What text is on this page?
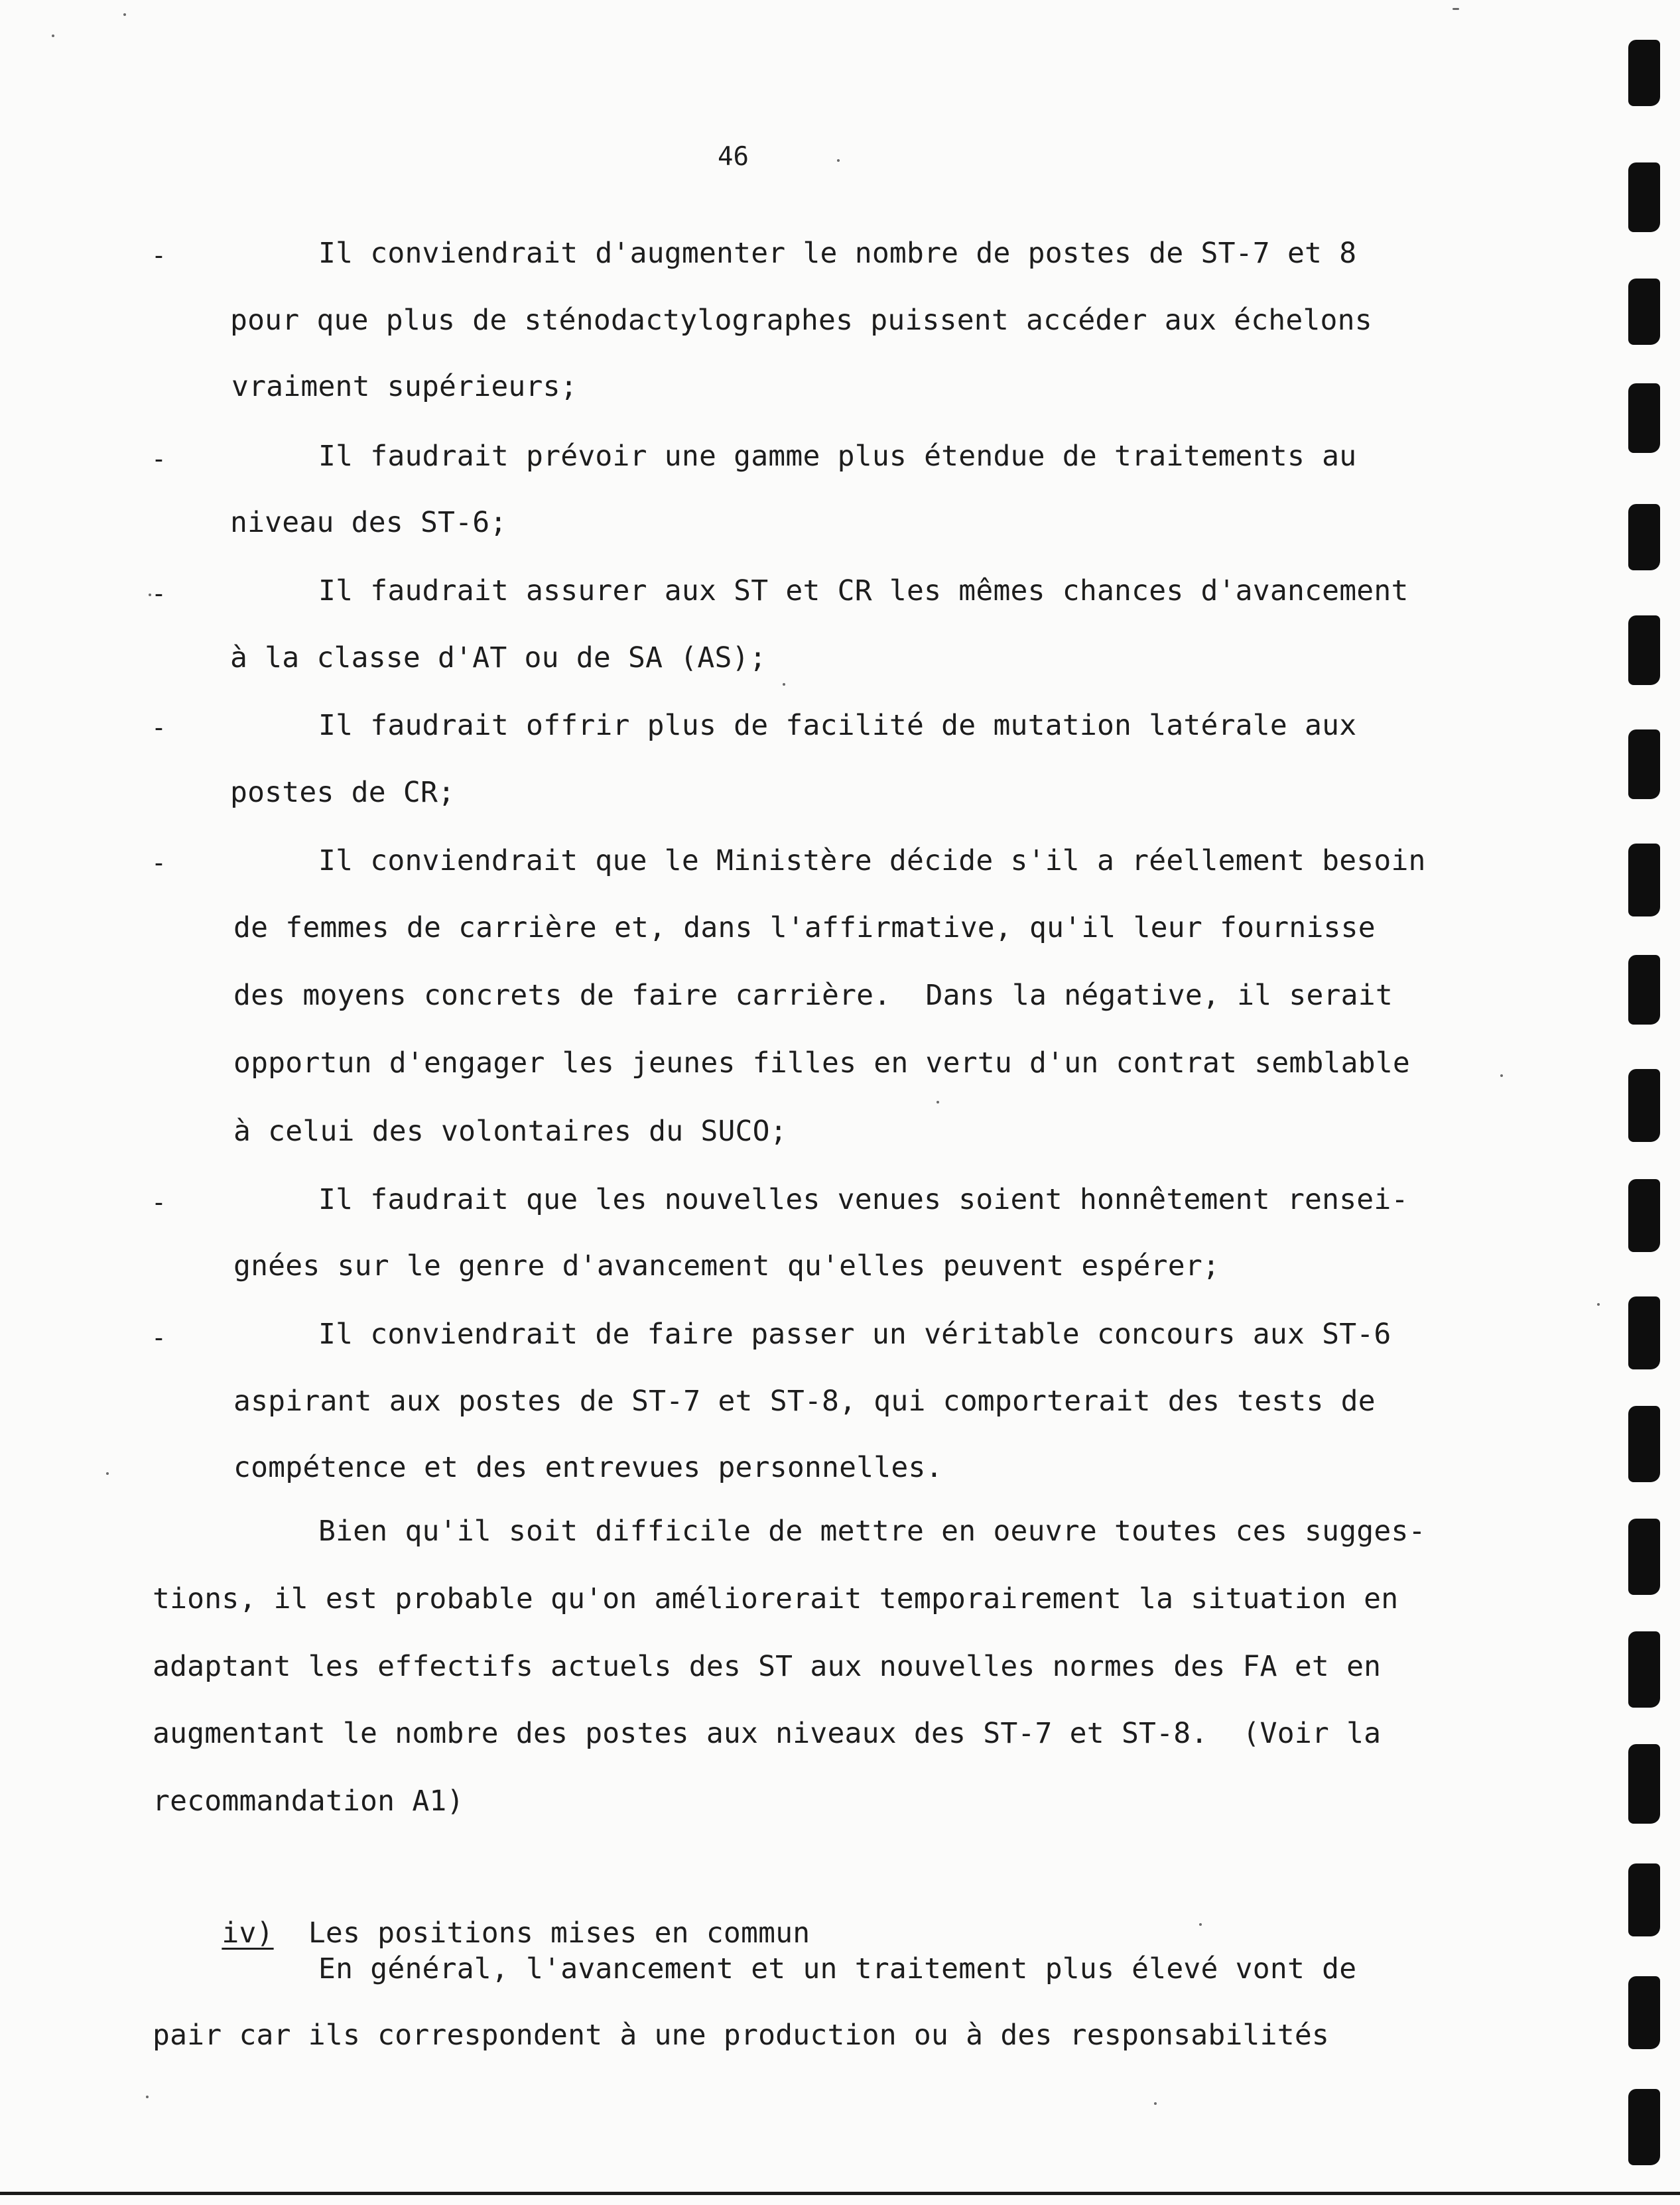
46
-	Il conviendrait d'augmenter le nombre de postes de ST-7 et 8
pour que plus de sténodactylographes puissent accéder aux échelons
vraiment supérieurs;
-	Il faudrait prévoir une gamme plus étendue de traitements au
niveau des ST-6;
-	Il faudrait assurer aux ST et CR les mêmes chances d'avancement
à la classe d'AT ou de SA (AS);
-	Il faudrait offrir plus de facilité de mutation latérale aux
postes de CR;
-	Il conviendrait que le Ministère décide s'il a réellement besoin
de femmes de carrière et, dans l'affirmative, qu'il leur fournisse
des moyens concrets de faire carrière.  Dans la négative, il serait
opportun d'engager les jeunes filles en vertu d'un contrat semblable
à celui des volontaires du SUCO;
-	Il faudrait que les nouvelles venues soient honnêtement rensei-
gnées sur le genre d'avancement qu'elles peuvent espérer;
-	Il conviendrait de faire passer un véritable concours aux ST-6
aspirant aux postes de ST-7 et ST-8, qui comporterait des tests de
compétence et des entrevues personnelles.
Bien qu'il soit difficile de mettre en oeuvre toutes ces sugges-
tions, il est probable qu'on améliorerait temporairement la situation en
adaptant les effectifs actuels des ST aux nouvelles normes des FA et en
augmentant le nombre des postes aux niveaux des ST-7 et ST-8.  (Voir la
recommandation A1)

iv) Les positions mises en commun

En général, l'avancement et un traitement plus élevé vont de
pair car ils correspondent à une production ou à des responsabilités
